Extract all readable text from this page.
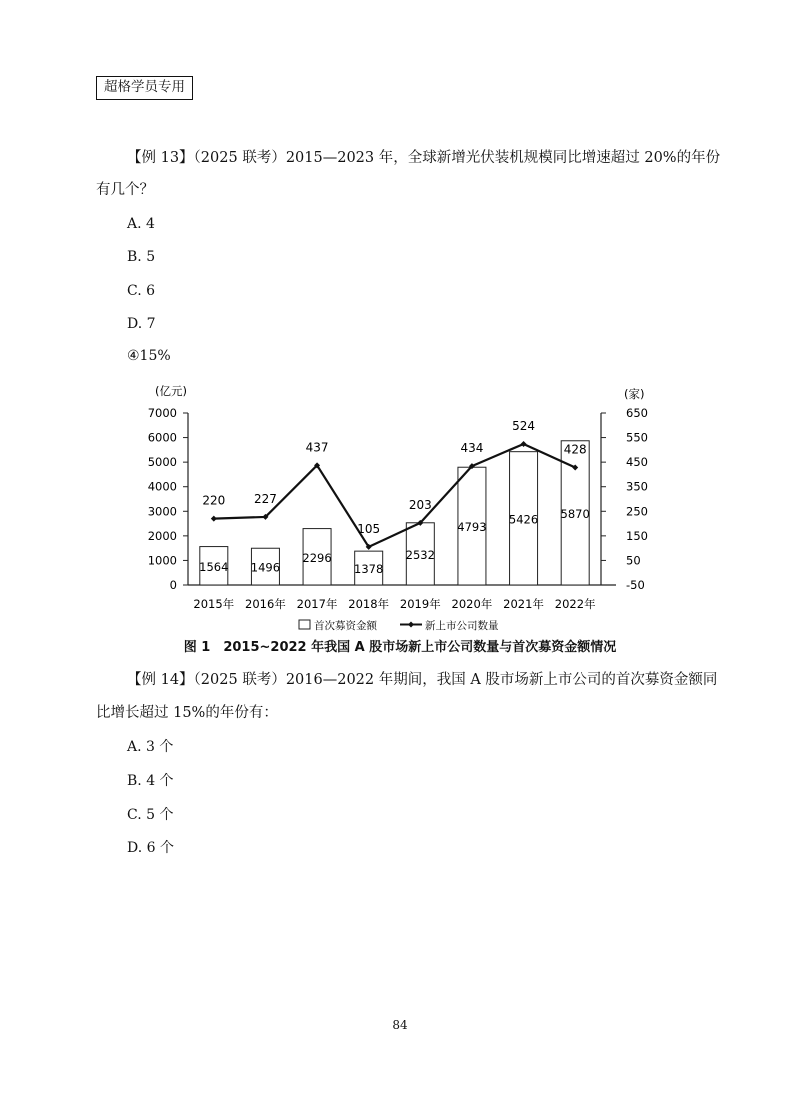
超格学员专用
【例 13】（2025 联考）2015—2023 年，全球新增光伏装机规模同比增速超过 20%的年份
有几个？
A. 4
B. 5
C. 6
D. 7
④15%
(亿元)	(家)
7000
6000
5000
4000
3000
2000
1000
0
650
550
450
350
250
150
50
-50
1564 1496
2296
1378
2532
4793
5426 5870
220 227
437
105
203
434
524
428
2015年 2016年 2017年 2018年 2019年 2020年 2021年 2022年
首次募资金额	新上市公司数量
图 1　2015~2022 年我国 A 股市场新上市公司数量与首次募资金额情况
【例 14】（2025 联考）2016—2022 年期间，我国 A 股市场新上市公司的首次募资金额同
比增长超过 15%的年份有：
A. 3 个
B. 4 个
C. 5 个
D. 6 个
84
